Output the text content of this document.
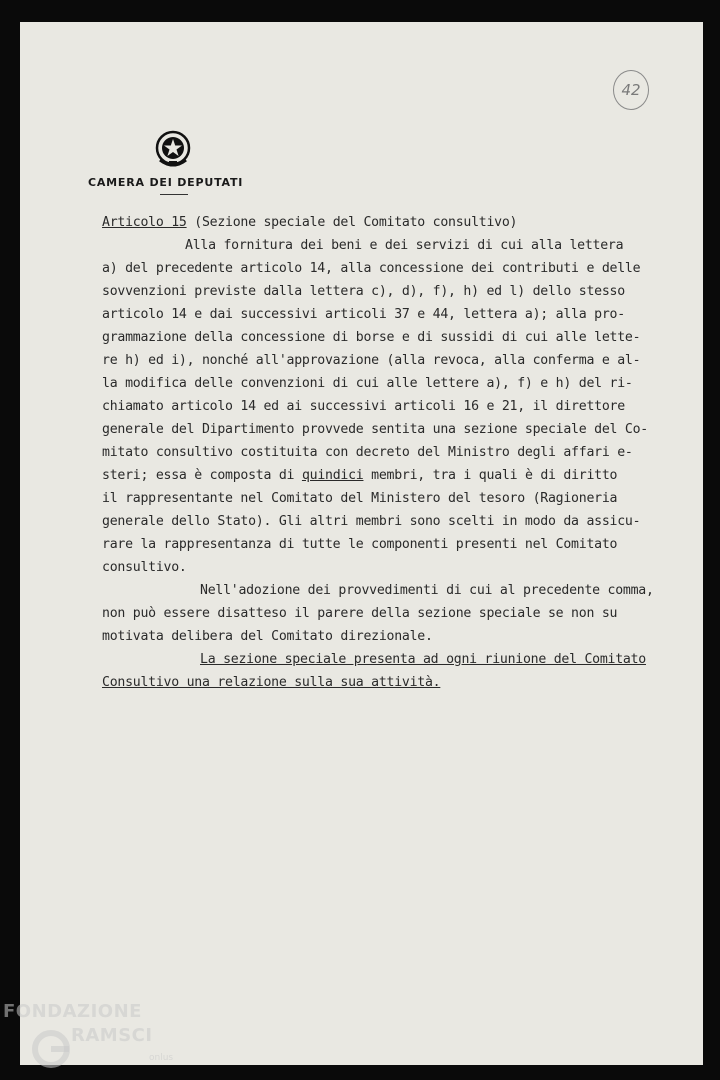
42
CAMERA DEI DEPUTATI
Articolo 15 (Sezione speciale del Comitato consultivo)
Alla fornitura dei beni e dei servizi di cui alla lettera
a) del precedente articolo 14, alla concessione dei contributi e delle
sovvenzioni previste dalla lettera c), d), f), h) ed l) dello stesso
articolo 14 e dai successivi articoli 37 e 44, lettera a); alla pro-
grammazione della concessione di borse e di sussidi di cui alle lette-
re h) ed i), nonché all'approvazione (alla revoca, alla conferma e al-
la modifica delle convenzioni di cui alle lettere a), f) e h) del ri-
chiamato articolo 14 ed ai successivi articoli 16 e 21, il direttore
generale del Dipartimento provvede sentita una sezione speciale del Co-
mitato consultivo costituita con decreto del Ministro degli affari e-
steri; essa è composta di quindici membri, tra i quali è di diritto
il rappresentante nel Comitato del Ministero del tesoro (Ragioneria
generale dello Stato). Gli altri membri sono scelti in modo da assicu-
rare la rappresentanza di tutte le componenti presenti nel Comitato
consultivo.
Nell'adozione dei provvedimenti di cui al precedente comma,
non può essere disatteso il parere della sezione speciale se non su
motivata delibera del Comitato direzionale.
La sezione speciale presenta ad ogni riunione del Comitato
Consultivo una relazione sulla sua attività.
FONDAZIONE
RAMSCI
onlus
